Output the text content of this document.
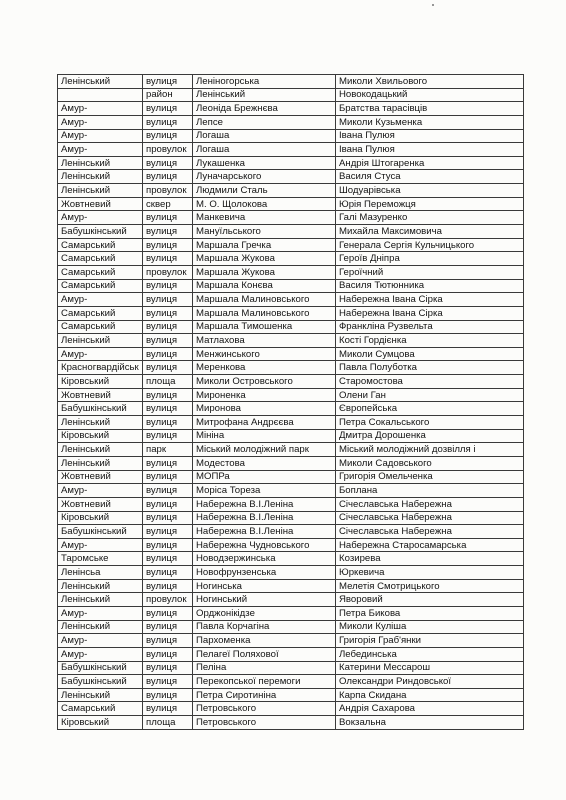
Ленінський	вулиця	Леніногорська	Миколи Хвильового
	район	Ленінський	Новокодацький
Амур-	вулиця	Леоніда Брежнєва	Братства тарасівців
Амур-	вулиця	Лепсе	Миколи Кузьменка
Амур-	вулиця	Логаша	Івана Пулюя
Амур-	провулок	Логаша	Івана Пулюя
Ленінський	вулиця	Лукашенка	Андрія Штогаренка
Ленінський	вулиця	Луначарського	Василя Стуса
Ленінський	провулок	Людмили Сталь	Шодуарівська
Жовтневий	сквер	М. О. Щолокова	Юрія Переможця
Амур-	вулиця	Манкевича	Галі Мазуренко
Бабушкінський	вулиця	Мануїльського	Михайла Максимовича
Самарський	вулиця	Маршала Гречка	Генерала Сергія Кульчицького
Самарський	вулиця	Маршала Жукова	Героїв Дніпра
Самарський	провулок	Маршала Жукова	Героїчний
Самарський	вулиця	Маршала Конєва	Василя Тютюнника
Амур-	вулиця	Маршала Малиновського	Набережна Івана Сірка
Самарський	вулиця	Маршала Малиновського	Набережна Івана Сірка
Самарський	вулиця	Маршала Тимошенка	Франкліна Рузвельта
Ленінський	вулиця	Матлахова	Кості Гордієнка
Амур-	вулиця	Менжинського	Миколи Сумцова
Красногвардійськ	вулиця	Меренкова	Павла Полуботка
Кіровський	площа	Миколи Островського	Старомостова
Жовтневий	вулиця	Мироненка	Олени Ган
Бабушкінський	вулиця	Миронова	Європейська
Ленінський	вулиця	Митрофана Андрєєва	Петра Сокальського
Кіровський	вулиця	Мініна	Дмитра Дорошенка
Ленінський	парк	Міський молодіжний парк	Міський молодіжний дозвілля і
Ленінський	вулиця	Модестова	Миколи Садовського
Жовтневий	вулиця	МОПРа	Григорія Омельченка
Амур-	вулиця	Моріса Тореза	Боплана
Жовтневий	вулиця	Набережна В.І.Леніна	Січеславська Набережна
Кіровський	вулиця	Набережна В.І.Леніна	Січеславська Набережна
Бабушкінський	вулиця	Набережна В.І.Леніна	Січеславська Набережна
Амур-	вулиця	Набережна Чудновського	Набережна Старосамарська
Таромське	вулиця	Новодзержинська	Козирева
Ленінсьа	вулиця	Новофрунзенська	Юркевича
Ленінський	вулиця	Ногинська	Мелетія Смотрицького
Ленінський	провулок	Ногинський	Яворовий
Амур-	вулиця	Орджонікідзе	Петра Бикова
Ленінський	вулиця	Павла Корчагіна	Миколи Куліша
Амур-	вулиця	Пархоменка	Григорія Граб'янки
Амур-	вулиця	Пелагеї Поляхової	Лебединська
Бабушкінський	вулиця	Пеліна	Катерини Мессарош
Бабушкінський	вулиця	Перекопської перемоги	Олександри Риндовської
Ленінський	вулиця	Петра Сиротиніна	Карпа Скидана
Самарський	вулиця	Петровського	Андрія Сахарова
Кіровський	площа	Петровського	Вокзальна
